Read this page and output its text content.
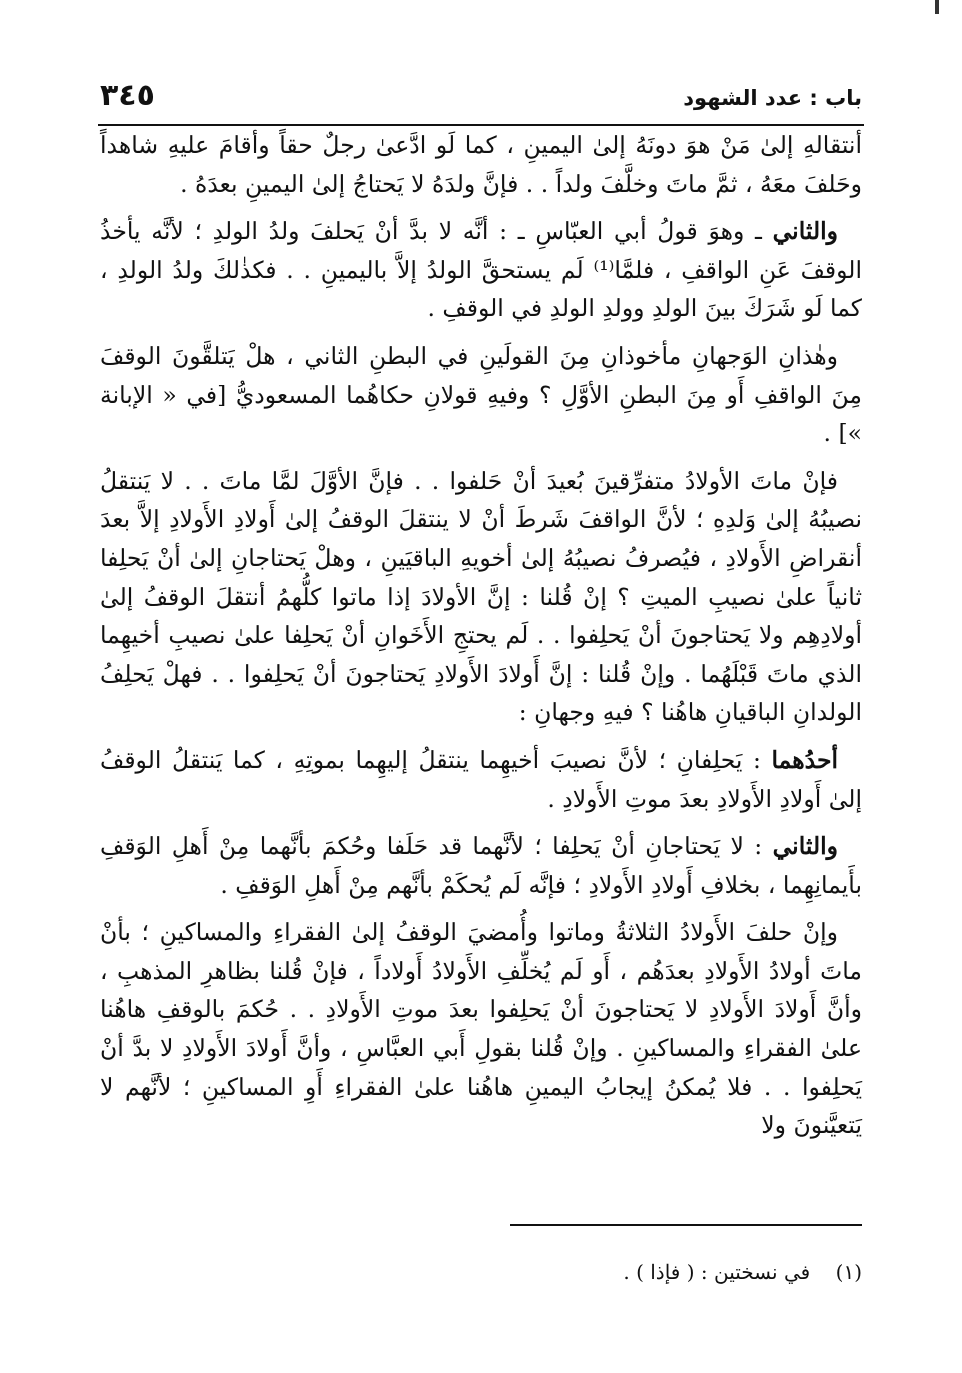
باب : عدد الشهود
٣٤٥

أنتقالهِ إلىٰ مَنْ هوَ دونَهُ إلىٰ اليمينِ ، كما لَو ادَّعىٰ رجلٌ حقاً وأقامَ عليهِ شاهداً وحَلفَ معَهُ ، ثمَّ ماتَ وخلَّفَ ولداً . . فإنَّ ولدَهُ لا يَحتاجُ إلىٰ اليمينِ بعدَهُ .

والثاني ـ وهوَ قولُ أبي العبّاسِ ـ : أنَّه لا بدَّ أنْ يَحلفَ ولدُ الولدِ ؛ لأنَّه يأخذُ الوقفَ عَنِ الواقفِ ، فلمَّا⁽¹⁾ لَم يستحقَّ الولدُ إلاَّ باليمينِ . . فكذٰلكَ ولدُ الولدِ ، كما لَو شَرَكَ بينَ الولدِ وولدِ الولدِ في الوقفِ .

وهٰذانِ الوَجهانِ مأخوذانِ مِنَ القولَينِ في البطنِ الثاني ، هلْ يَتلقَّونَ الوقفَ مِنَ الواقفِ أَو مِنَ البطنِ الأوَّلِ ؟ وفيهِ قولانِ حكاهُما المسعوديُّ [في « الإبانة »] .

فإنْ ماتَ الأولادُ متفرِّقينَ بُعيدَ أنْ حَلفوا . . فإنَّ الأوَّلَ لمَّا ماتَ . . لا يَنتقلُ نصيبُهُ إلىٰ وَلدِهِ ؛ لأنَّ الواقفَ شَرطَ أنْ لا ينتقلَ الوقفُ إلىٰ أَولادِ الأَولادِ إلاَّ بعدَ أنقراضِ الأَولادِ ، فيُصرفُ نصيبُهُ إلىٰ أخويهِ الباقيَينِ ، وهلْ يَحتاجانِ إلىٰ أنْ يَحلِفا ثانياً علىٰ نصيبِ الميتِ ؟ إنْ قُلنا : إنَّ الأولادَ إذا ماتوا كلُّهمُ أنتقلَ الوقفُ إلىٰ أولادِهِم ولا يَحتاجونَ أنْ يَحلِفوا . . لَم يحتجِ الأَخَوانِ أنْ يَحلِفا علىٰ نصيبِ أخيهِما الذي ماتَ قَبْلَهُما . وإنْ قُلنا : إنَّ أَولادَ الأَولادِ يَحتاجونَ أنْ يَحلِفوا . . فهلْ يَحلِفُ الولدانِ الباقيانِ هاهُنا ؟ فيهِ وجهانِ :

أحدُهما : يَحلِفانِ ؛ لأنَّ نصيبَ أخيهِما ينتقلُ إليهِما بموتِهِ ، كما يَنتقلُ الوقفُ إلىٰ أَولادِ الأَولادِ بعدَ موتِ الأَولادِ .

والثاني : لا يَحتاجانِ أنْ يَحلِفا ؛ لأنَّهما قد حَلَفا وحُكمَ بأنَّهما مِنْ أَهلِ الوَقفِ بأَيمانِهِما ، بخلافِ أَولادِ الأَولادِ ؛ فإنَّه لَم يُحكَمْ بأنَّهم مِنْ أَهلِ الوَقفِ .

وإنْ حلفَ الأَولادُ الثلاثةُ وماتوا وأُمضيَ الوقفُ إلىٰ الفقراءِ والمساكينِ ؛ بأنْ ماتَ أولادُ الأَولادِ بعدَهُم ، أَو لَم يُخلِّفِ الأَولادُ أَولاداً ، فإنْ قُلنا بظاهرِ المذهبِ ، وأنَّ أَولادَ الأَولادِ لا يَحتاجونَ أنْ يَحلِفوا بعدَ موتِ الأَولادِ . . حُكمَ بالوقفِ هاهُنا علىٰ الفقراءِ والمساكينِ . وإنْ قُلنا بقولِ أَبي العبَّاسِ ، وأنَّ أَولادَ الأَولادِ لا بدَّ أنْ يَحلِفوا . . فلا يُمكنُ إيجابُ اليمينِ هاهُنا علىٰ الفقراءِ أَوِ المساكينِ ؛ لأنَّهم لا يَتعيَّنونَ ولا

(١)    في نسختين : ( فإذا ) .
